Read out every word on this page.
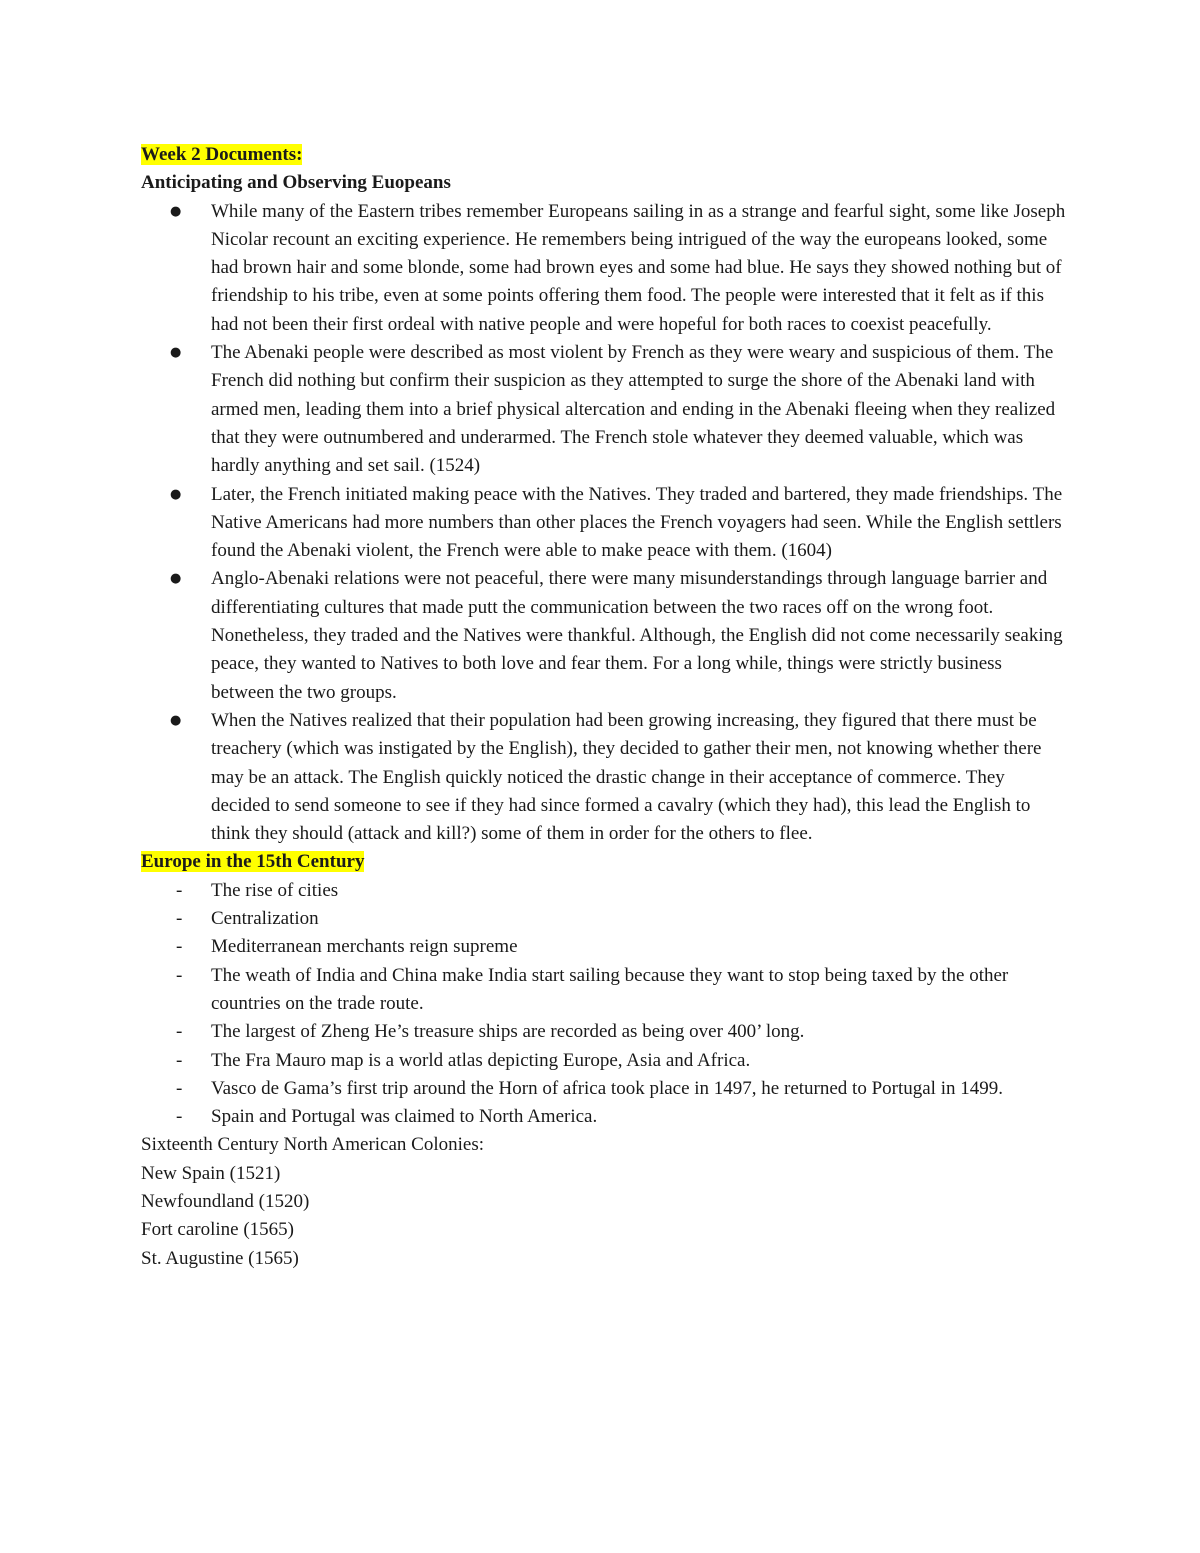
Week 2 Documents:

Anticipating and Observing Euopeans

● While many of the Eastern tribes remember Europeans sailing in as a strange and fearful sight, some like Joseph Nicolar recount an exciting experience. He remembers being intrigued of the way the europeans looked, some had brown hair and some blonde, some had brown eyes and some had blue. He says they showed nothing but of friendship to his tribe, even at some points offering them food. The people were interested that it felt as if this had not been their first ordeal with native people and were hopeful for both races to coexist peacefully.
● The Abenaki people were described as most violent by French as they were weary and suspicious of them. The French did nothing but confirm their suspicion as they attempted to surge the shore of the Abenaki land with armed men, leading them into a brief physical altercation and ending in the Abenaki fleeing when they realized that they were outnumbered and underarmed. The French stole whatever they deemed valuable, which was hardly anything and set sail. (1524)
● Later, the French initiated making peace with the Natives. They traded and bartered, they made friendships. The Native Americans had more numbers than other places the French voyagers had seen. While the English settlers found the Abenaki violent, the French were able to make peace with them. (1604)
● Anglo-Abenaki relations were not peaceful, there were many misunderstandings through language barrier and differentiating cultures that made putt the communication between the two races off on the wrong foot. Nonetheless, they traded and the Natives were thankful. Although, the English did not come necessarily seaking peace, they wanted to Natives to both love and fear them. For a long while, things were strictly business between the two groups.
● When the Natives realized that their population had been growing increasing, they figured that there must be treachery (which was instigated by the English), they decided to gather their men, not knowing whether there may be an attack. The English quickly noticed the drastic change in their acceptance of commerce. They decided to send someone to see if they had since formed a cavalry (which they had), this lead the English to think they should (attack and kill?) some of them in order for the others to flee.

Europe in the 15th Century

- The rise of cities
- Centralization
- Mediterranean merchants reign supreme
- The weath of India and China make India start sailing because they want to stop being taxed by the other countries on the trade route.
- The largest of Zheng He’s treasure ships are recorded as being over 400’ long.
- The Fra Mauro map is a world atlas depicting Europe, Asia and Africa.
- Vasco de Gama’s first trip around the Horn of africa took place in 1497, he returned to Portugal in 1499.
- Spain and Portugal was claimed to North America.

Sixteenth Century North American Colonies:

New Spain (1521)

Newfoundland (1520)

Fort caroline (1565)

St. Augustine (1565)
